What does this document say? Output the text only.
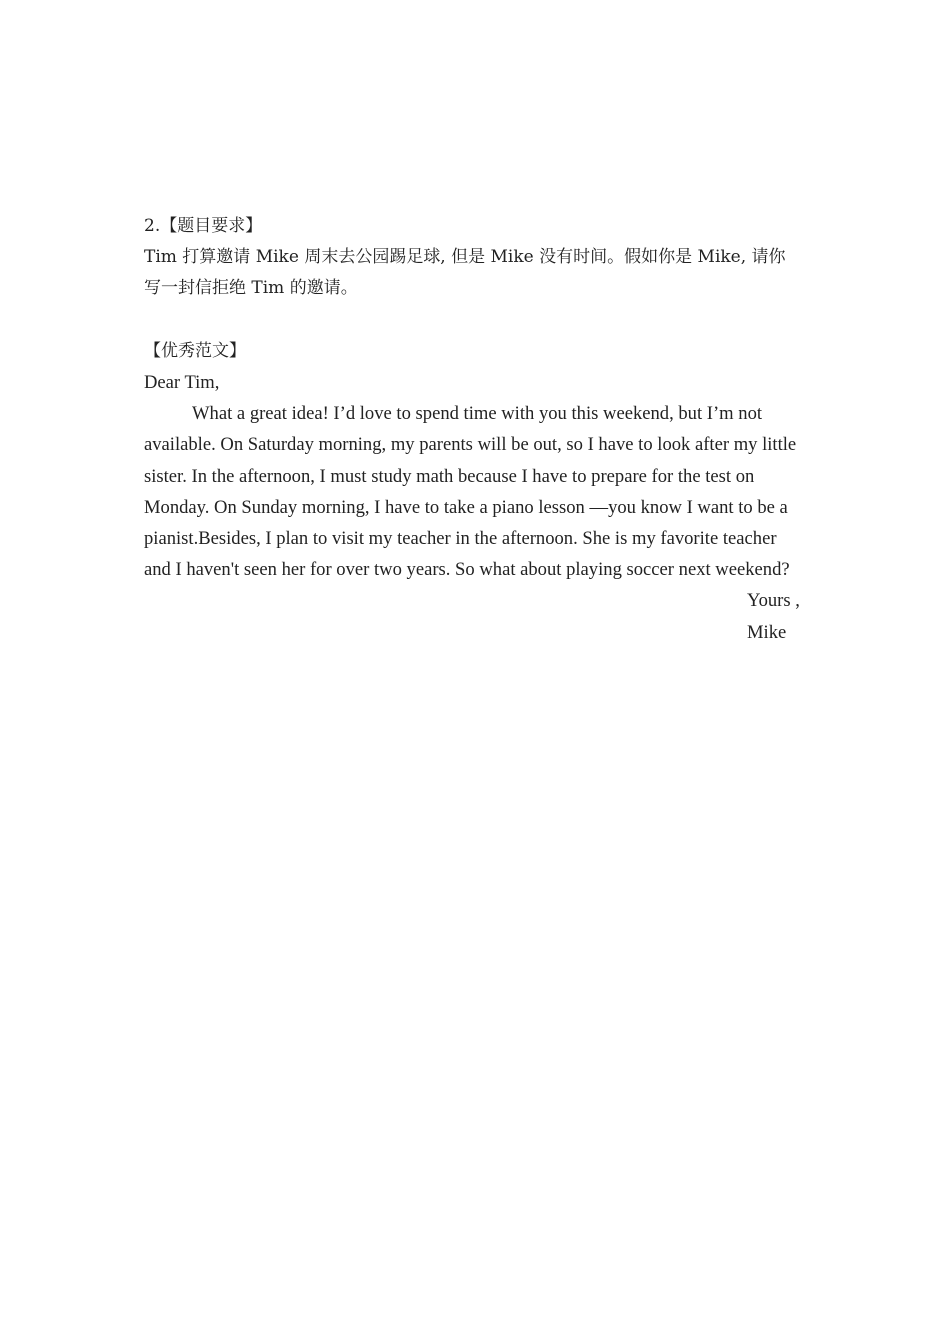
2.【题目要求】

Tim 打算邀请 Mike 周末去公园踢足球, 但是 Mike 没有时间。假如你是 Mike, 请你

写一封信拒绝 Tim 的邀请。

【优秀范文】

Dear Tim,

What a great idea! I’d love to spend time with you this weekend, but I’m not available. On Saturday morning, my parents will be out, so I have to look after my little sister. In the afternoon, I must study math because I have to prepare for the test on Monday. On Sunday morning, I have to take a piano lesson —you know I want to be a pianist.Besides, I plan to visit my teacher in the afternoon. She is my favorite teacher and I haven't seen her for over two years. So what about playing soccer next weekend?

Yours ,

Mike
